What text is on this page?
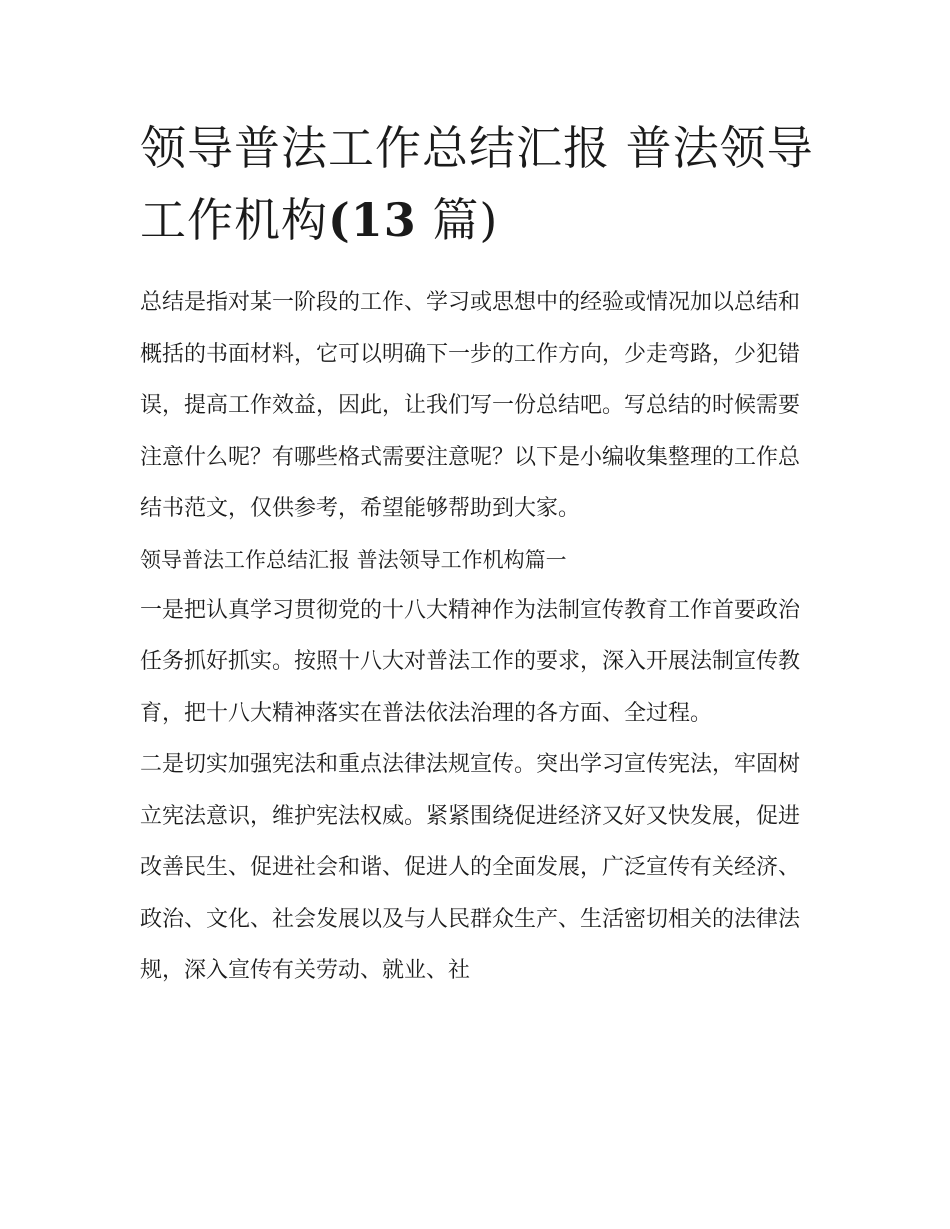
领导普法工作总结汇报 普法领导工作机构(13 篇)

总结是指对某一阶段的工作、学习或思想中的经验或情况加以总结和概括的书面材料，它可以明确下一步的工作方向，少走弯路，少犯错误，提高工作效益，因此，让我们写一份总结吧。写总结的时候需要注意什么呢？有哪些格式需要注意呢？以下是小编收集整理的工作总结书范文，仅供参考，希望能够帮助到大家。

领导普法工作总结汇报 普法领导工作机构篇一

一是把认真学习贯彻党的十八大精神作为法制宣传教育工作首要政治任务抓好抓实。按照十八大对普法工作的要求，深入开展法制宣传教育，把十八大精神落实在普法依法治理的各方面、全过程。

二是切实加强宪法和重点法律法规宣传。突出学习宣传宪法，牢固树立宪法意识，维护宪法权威。紧紧围绕促进经济又好又快发展，促进改善民生、促进社会和谐、促进人的全面发展，广泛宣传有关经济、政治、文化、社会发展以及与人民群众生产、生活密切相关的法律法规，深入宣传有关劳动、就业、社
